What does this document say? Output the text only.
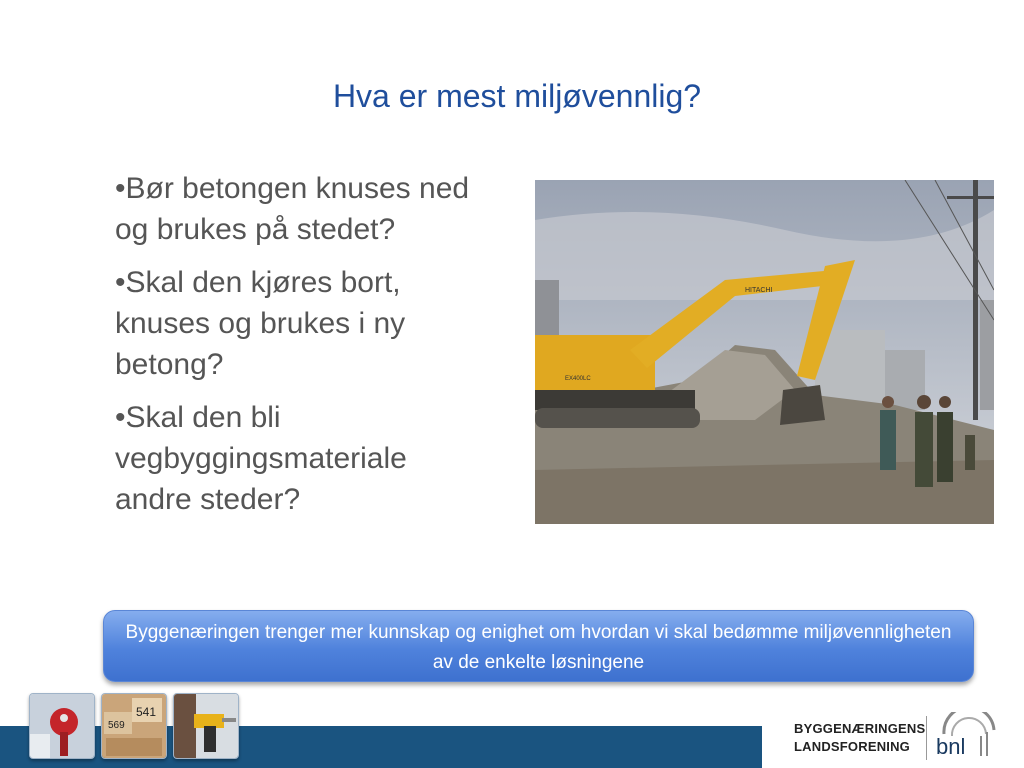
Hva er mest miljøvennlig?
•Bør betongen knuses ned og brukes på stedet?
•Skal den kjøres bort, knuses og brukes i ny betong?
•Skal den bli vegbyggingsmateriale andre steder?
HITACHI
EX400LC
Byggenæringen trenger mer kunnskap og enighet om hvordan vi skal bedømme miljøvennligheten av de enkelte løsningene
541
569	BYGGENÆRINGENS
LANDSFORENING	bnl
